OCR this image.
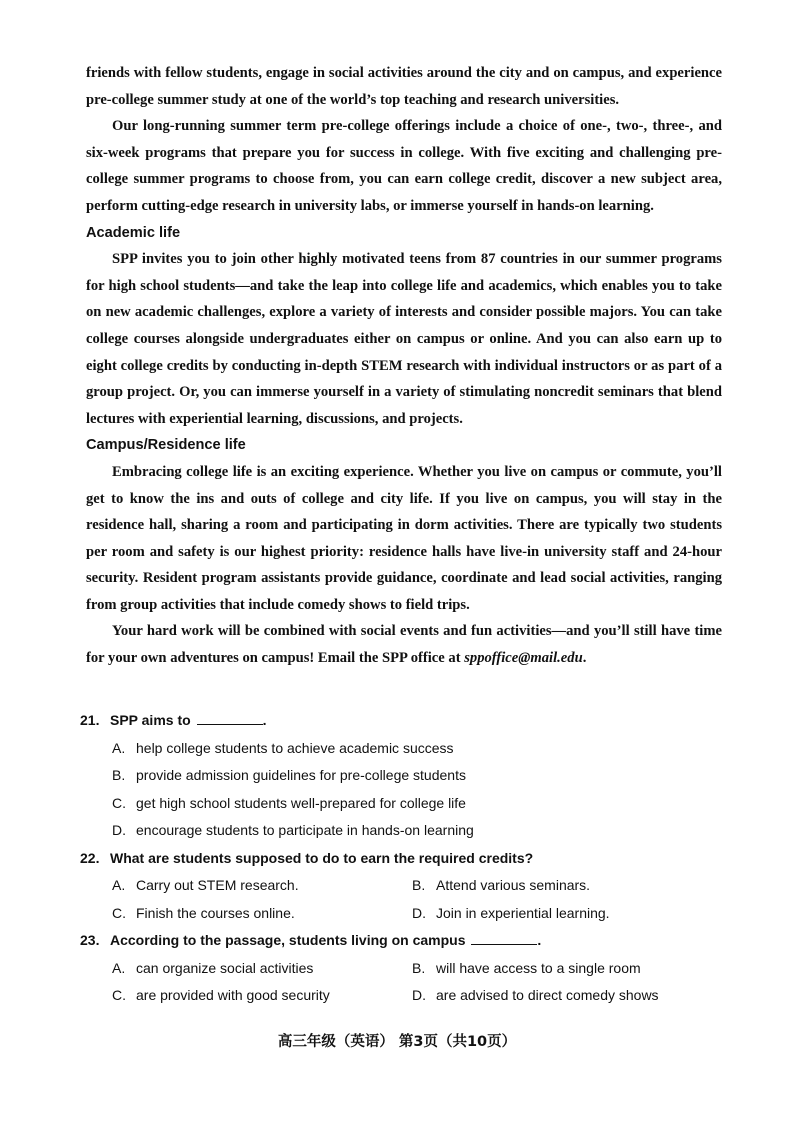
friends with fellow students, engage in social activities around the city and on campus, and experience pre-college summer study at one of the world’s top teaching and research universities.

Our long-running summer term pre-college offerings include a choice of one-, two-, three-, and six-week programs that prepare you for success in college. With five exciting and challenging pre-college summer programs to choose from, you can earn college credit, discover a new subject area, perform cutting-edge research in university labs, or immerse yourself in hands-on learning.

Academic life

SPP invites you to join other highly motivated teens from 87 countries in our summer programs for high school students—and take the leap into college life and academics, which enables you to take on new academic challenges, explore a variety of interests and consider possible majors. You can take college courses alongside undergraduates either on campus or online. And you can also earn up to eight college credits by conducting in-depth STEM research with individual instructors or as part of a group project. Or, you can immerse yourself in a variety of stimulating noncredit seminars that blend lectures with experiential learning, discussions, and projects.

Campus/Residence life

Embracing college life is an exciting experience. Whether you live on campus or commute, you’ll get to know the ins and outs of college and city life. If you live on campus, you will stay in the residence hall, sharing a room and participating in dorm activities. There are typically two students per room and safety is our highest priority: residence halls have live-in university staff and 24-hour security. Resident program assistants provide guidance, coordinate and lead social activities, ranging from group activities that include comedy shows to field trips.

Your hard work will be combined with social events and fun activities—and you’ll still have time for your own adventures on campus! Email the SPP office at sppoffice@mail.edu.

21. SPP aims to	.
A. help college students to achieve academic success
B. provide admission guidelines for pre-college students
C. get high school students well-prepared for college life
D. encourage students to participate in hands-on learning
22. What are students supposed to do to earn the required credits?
A. Carry out STEM research.	B. Attend various seminars.
C. Finish the courses online.	D. Join in experiential learning.
23. According to the passage, students living on campus	.
A. can organize social activities	B. will have access to a single room
C. are provided with good security	D. are advised to direct comedy shows
高三年级（英语） 第3页（共10页）
